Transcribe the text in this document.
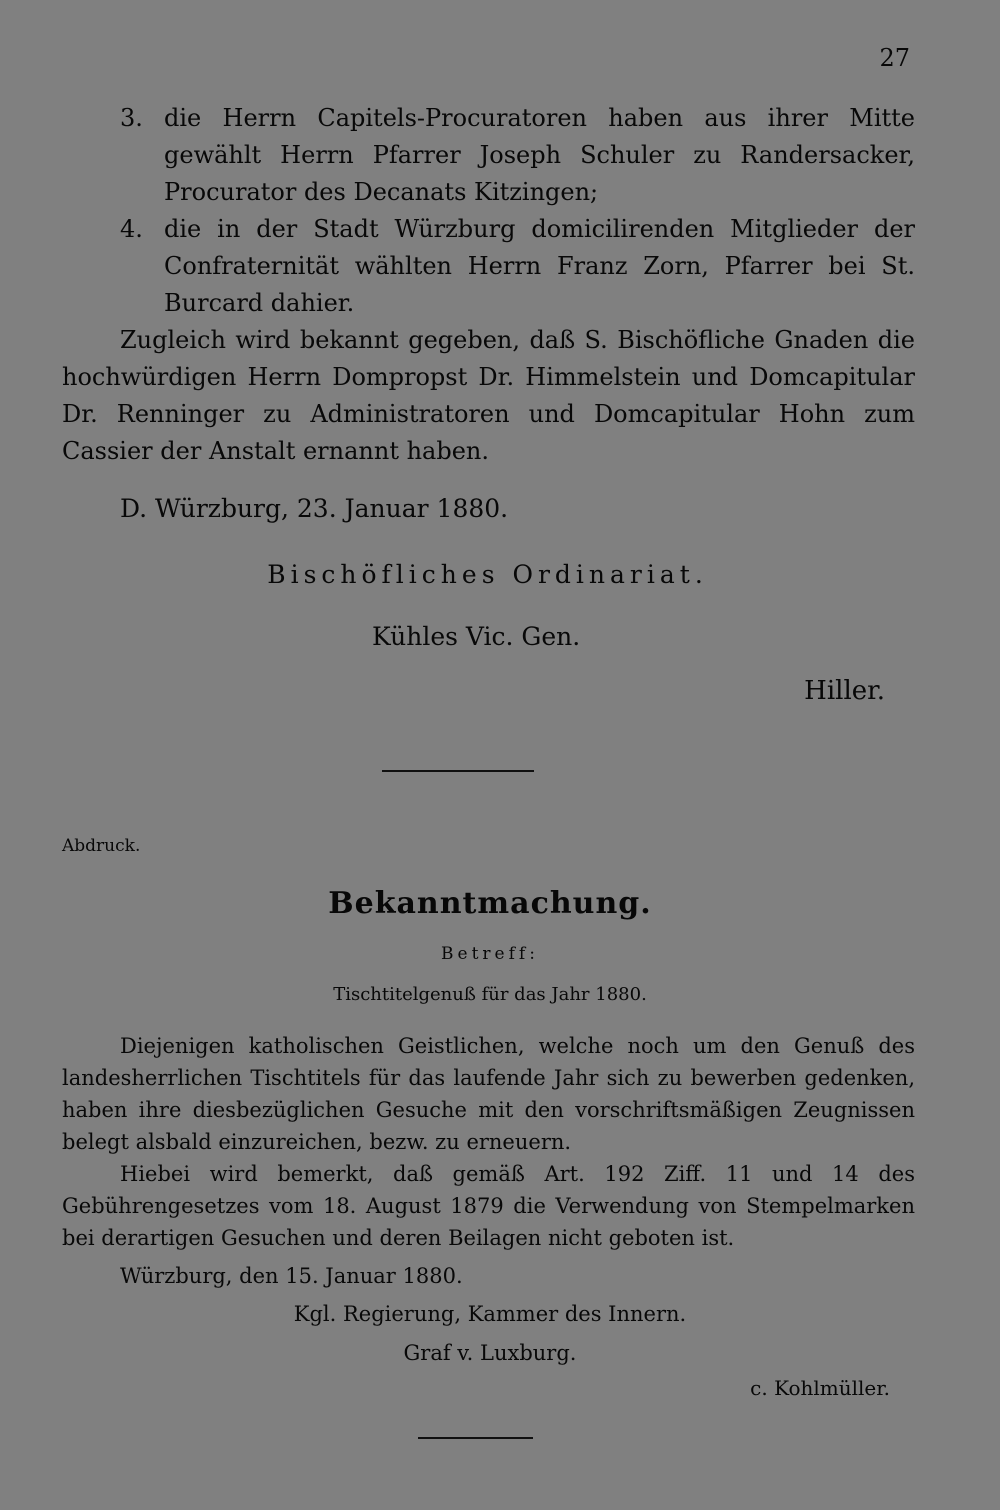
27
3. die Herrn Capitels-Procuratoren haben aus ihrer Mitte gewählt Herrn Pfarrer Joseph Schuler zu Randersacker, Procurator des Decanats Kitzingen;
4. die in der Stadt Würzburg domicilirenden Mitglieder der Confraternität wählten Herrn Franz Zorn, Pfarrer bei St. Burcard dahier.
Zugleich wird bekannt gegeben, daß S. Bischöfliche Gnaden die hochwürdigen Herrn Dompropst Dr. Himmelstein und Domcapitular Dr. Renninger zu Administratoren und Domcapitular Hohn zum Cassier der Anstalt ernannt haben.
D. Würzburg, 23. Januar 1880.
Bischöfliches Ordinariat.
Kühles Vic. Gen.
Hiller.
Abdruck.
Bekanntmachung.
Betreff:
Tischtitelgenuß für das Jahr 1880.
Diejenigen katholischen Geistlichen, welche noch um den Genuß des landesherrlichen Tischtitels für das laufende Jahr sich zu bewerben gedenken, haben ihre diesbezüglichen Gesuche mit den vorschriftsmäßigen Zeugnissen belegt alsbald einzureichen, bezw. zu erneuern.
Hiebei wird bemerkt, daß gemäß Art. 192 Ziff. 11 und 14 des Gebührengesetzes vom 18. August 1879 die Verwendung von Stempelmarken bei derartigen Gesuchen und deren Beilagen nicht geboten ist.
Würzburg, den 15. Januar 1880.
Kgl. Regierung, Kammer des Innern.
Graf v. Luxburg.
c. Kohlmüller.
